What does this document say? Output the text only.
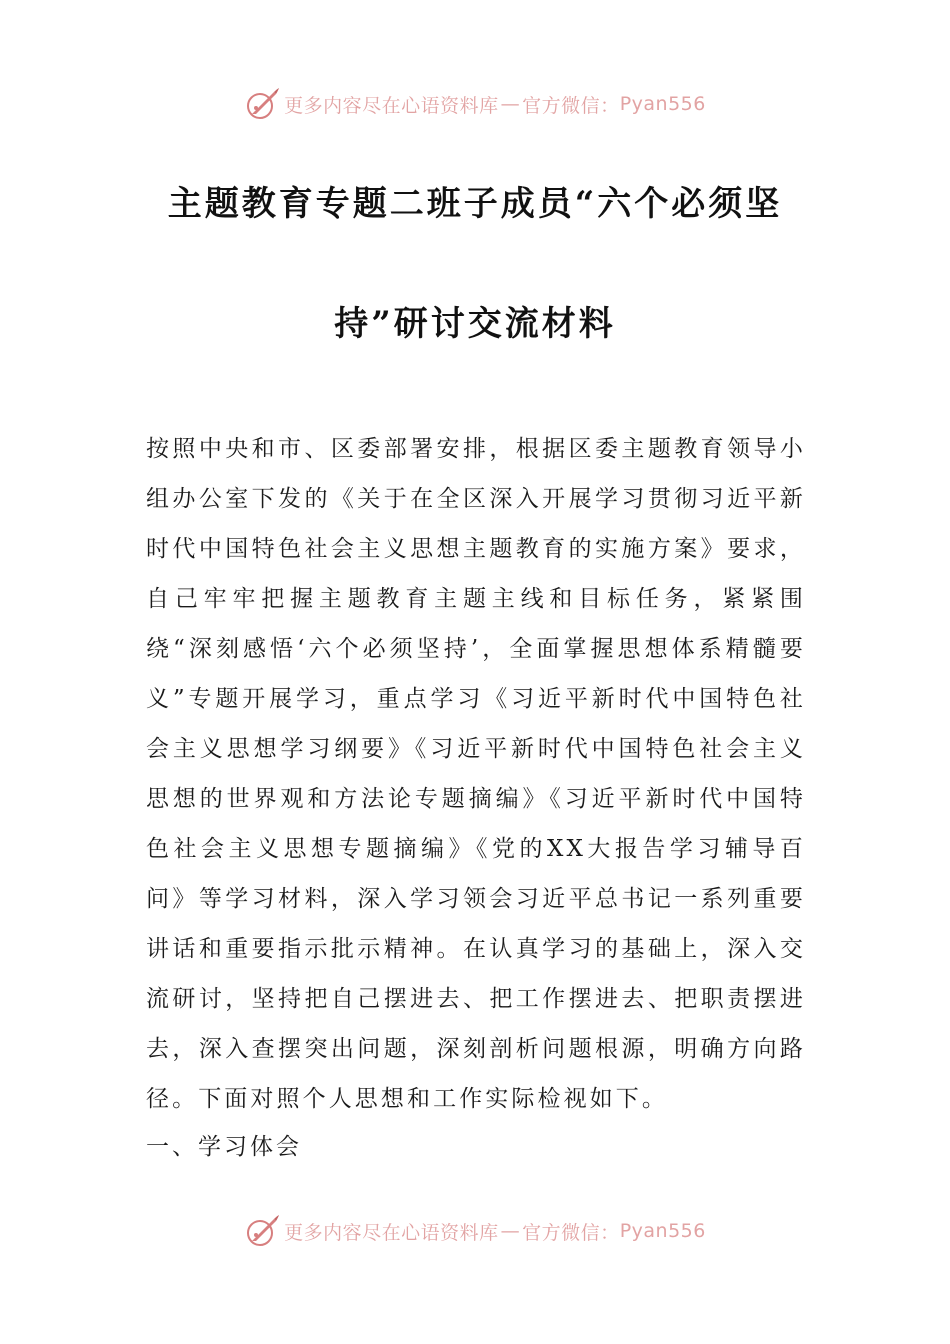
更多内容尽在心语资料库 — 官方微信： Pyan556
主题教育专题二班子成员“六个必须坚
持”研讨交流材料

按照中央和市、区委部署安排，根据区委主题教育领导小组办公室下发的《关于在全区深入开展学习贯彻习近平新时代中国特色社会主义思想主题教育的实施方案》要求，自己牢牢把握主题教育主题主线和目标任务，紧紧围绕“深刻感悟‘六个必须坚持’，全面掌握思想体系精髓要义”专题开展学习，重点学习《习近平新时代中国特色社会主义思想学习纲要》《习近平新时代中国特色社会主义思想的世界观和方法论专题摘编》《习近平新时代中国特色社会主义思想专题摘编》《党的XX大报告学习辅导百问》等学习材料，深入学习领会习近平总书记一系列重要讲话和重要指示批示精神。在认真学习的基础上，深入交流研讨，坚持把自己摆进去、把工作摆进去、把职责摆进去，深入查摆突出问题，深刻剖析问题根源，明确方向路径。下面对照个人思想和工作实际检视如下。

一、学习体会
更多内容尽在心语资料库 — 官方微信： Pyan556
